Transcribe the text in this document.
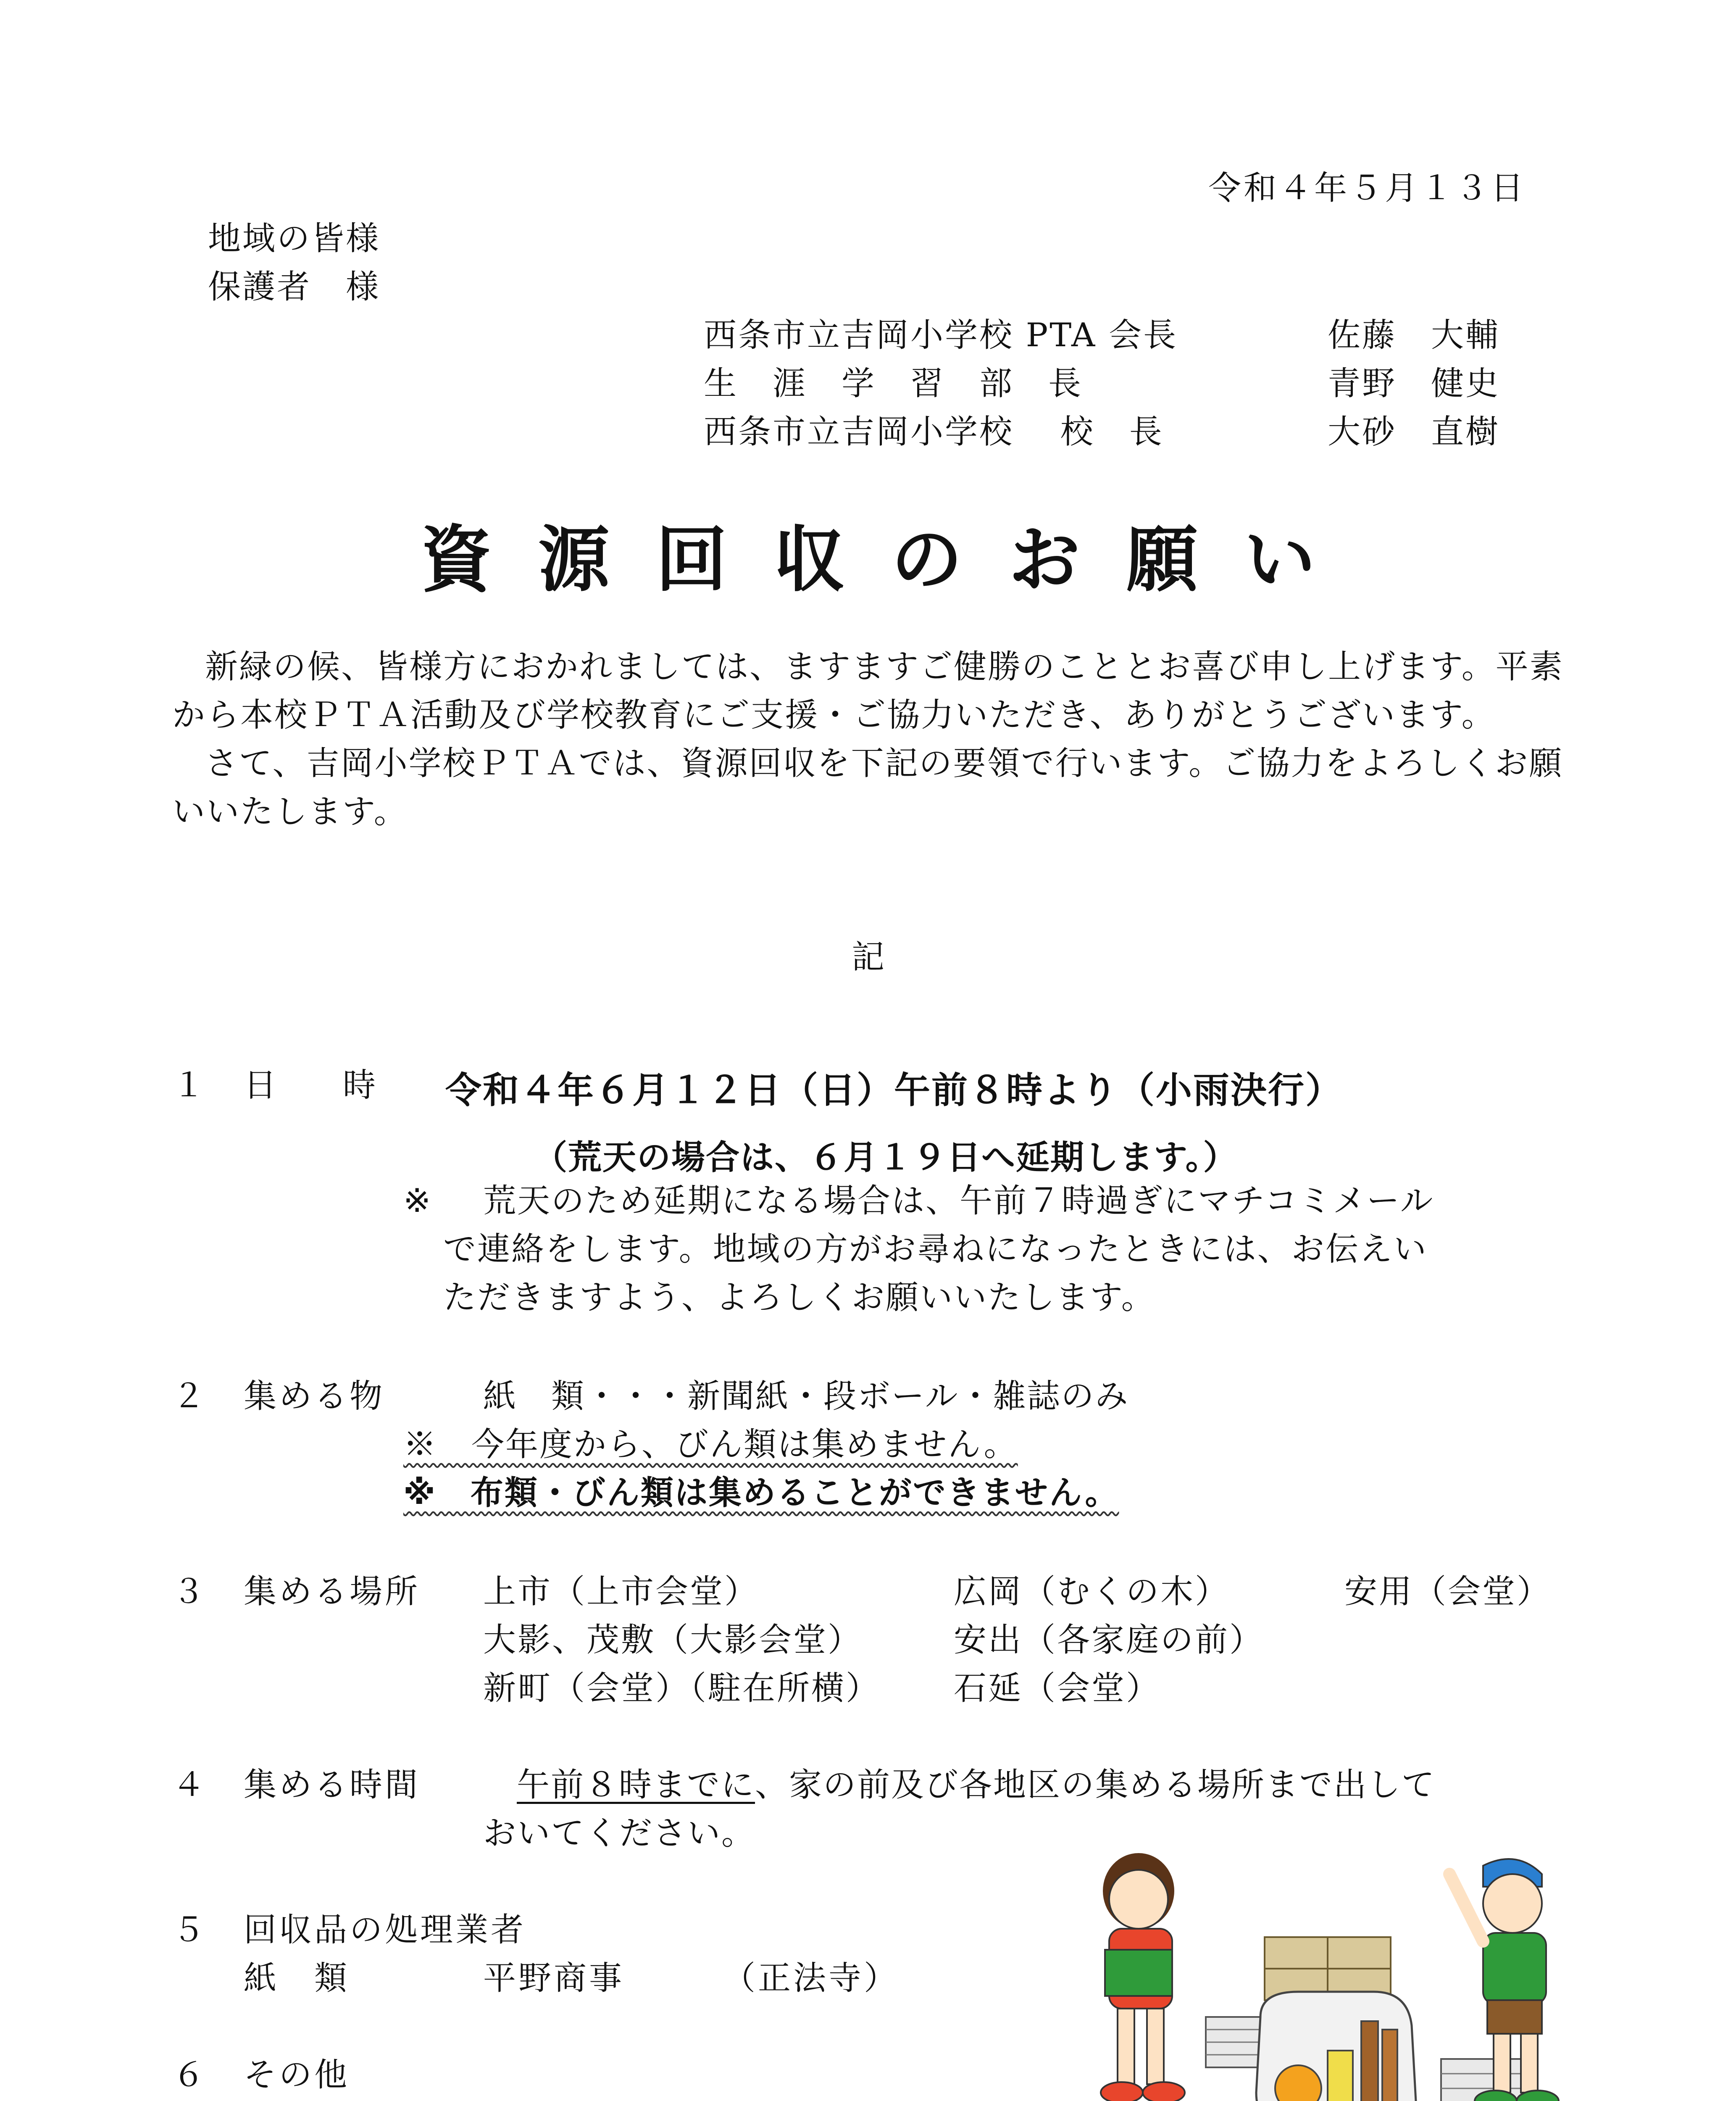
令和４年５月１３日
地域の皆様
保護者　様
西条市立吉岡小学校 PTA 会長	佐藤　大輔
生　涯　学　習　部　長	青野　健史
西条市立吉岡小学校　 校　長	大砂　直樹
資源回収のお願い

新緑の候、皆様方におかれましては、ますますご健勝のこととお喜び申し上げます。平素から本校ＰＴＡ活動及び学校教育にご支援・ご協力いただき、ありがとうございます。

さて、吉岡小学校ＰＴＡでは、資源回収を下記の要領で行います。ご協力をよろしくお願いいたします。

記
１ 日　時 令和４年６月１２日（日）午前８時より（小雨決行）
（荒天の場合は、６月１９日へ延期します。）
※ 荒天のため延期になる場合は、午前７時過ぎにマチコミメール
で連絡をします。地域の方がお尋ねになったときには、お伝えい
ただきますよう、よろしくお願いいたします。
２ 集める物	紙　類・・・新聞紙・段ボール・雑誌のみ
※　今年度から、びん類は集めません。
※　布類・びん類は集めることができません。
３ 集める場所 上市（上市会堂）	広岡（むくの木）	安用（会堂）
大影、茂敷（大影会堂）	安出（各家庭の前）
新町（会堂）（駐在所横） 石延（会堂）
４ 集める時間	午前８時までに、家の前及び各地区の集める場所まで出して
おいてください。
５ 回収品の処理業者
紙　類	平野商事	（正法寺）
６ その他
